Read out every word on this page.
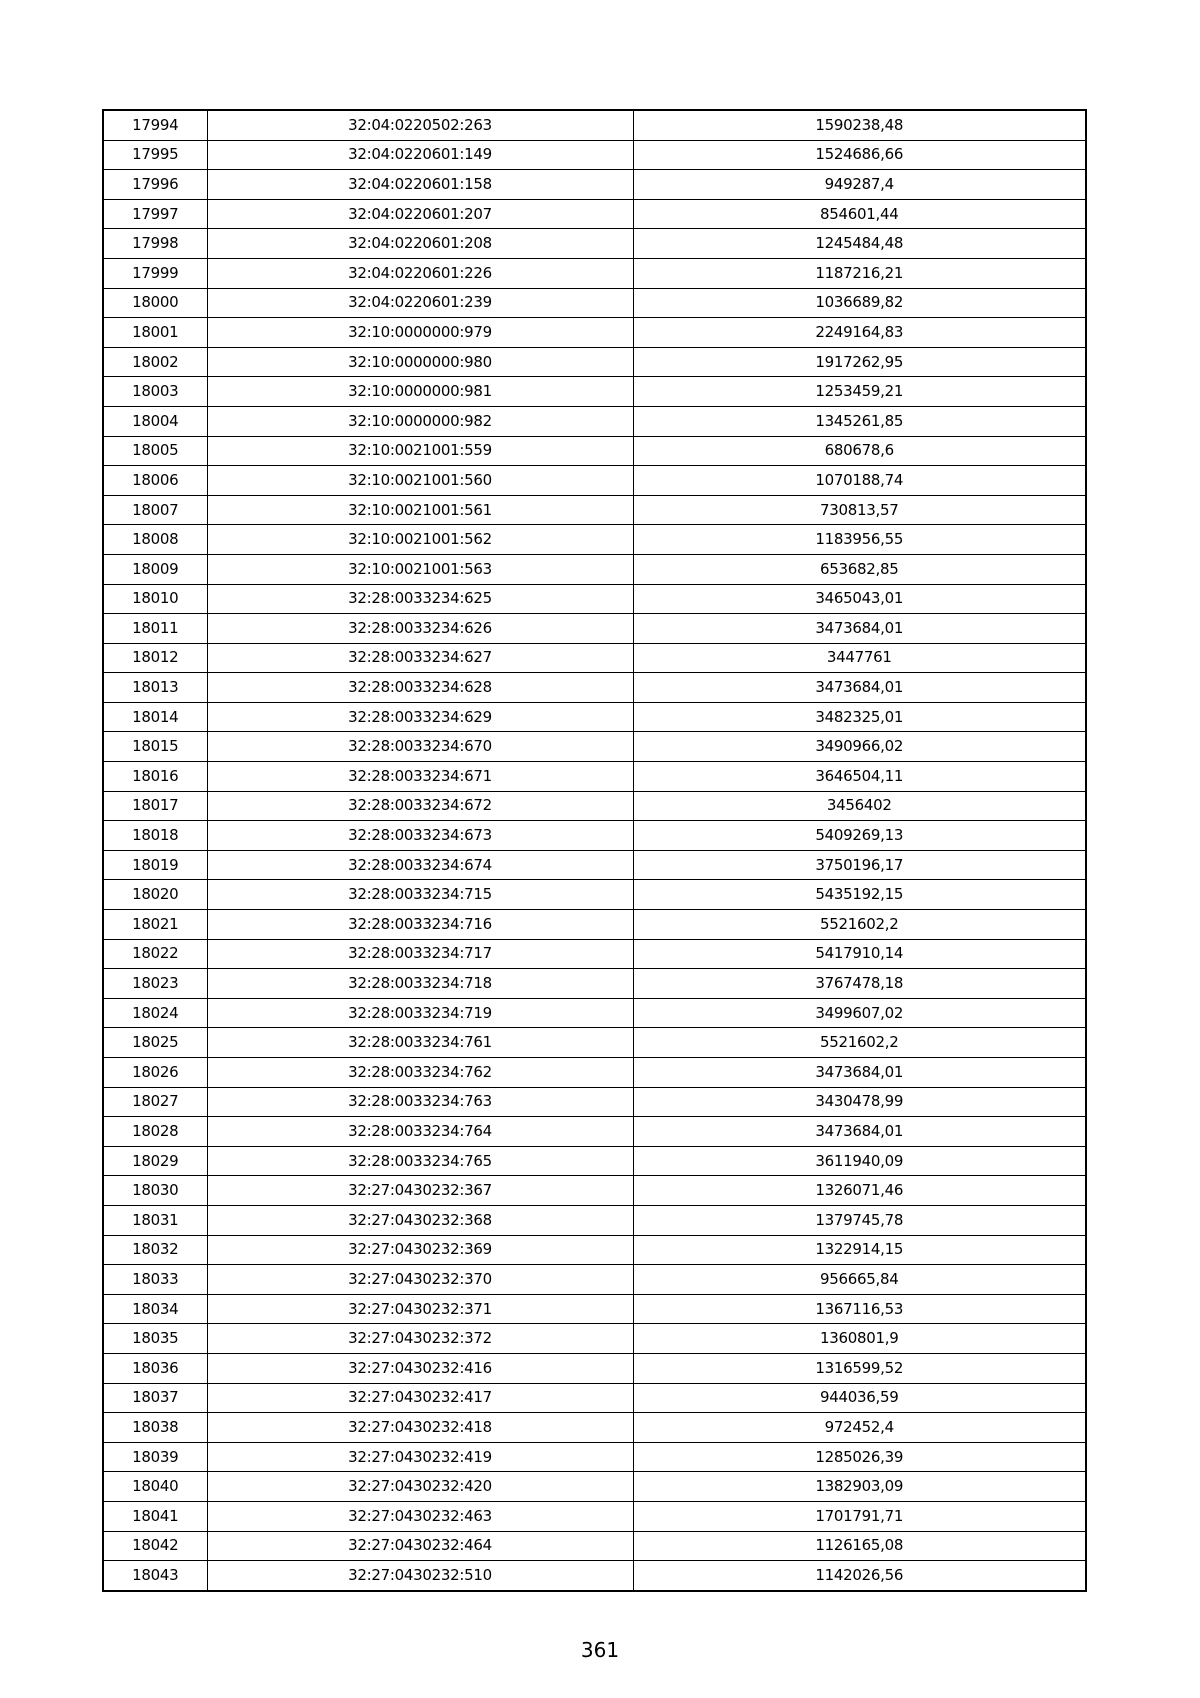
17994	32:04:0220502:263	1590238,48
17995	32:04:0220601:149	1524686,66
17996	32:04:0220601:158	949287,4
17997	32:04:0220601:207	854601,44
17998	32:04:0220601:208	1245484,48
17999	32:04:0220601:226	1187216,21
18000	32:04:0220601:239	1036689,82
18001	32:10:0000000:979	2249164,83
18002	32:10:0000000:980	1917262,95
18003	32:10:0000000:981	1253459,21
18004	32:10:0000000:982	1345261,85
18005	32:10:0021001:559	680678,6
18006	32:10:0021001:560	1070188,74
18007	32:10:0021001:561	730813,57
18008	32:10:0021001:562	1183956,55
18009	32:10:0021001:563	653682,85
18010	32:28:0033234:625	3465043,01
18011	32:28:0033234:626	3473684,01
18012	32:28:0033234:627	3447761
18013	32:28:0033234:628	3473684,01
18014	32:28:0033234:629	3482325,01
18015	32:28:0033234:670	3490966,02
18016	32:28:0033234:671	3646504,11
18017	32:28:0033234:672	3456402
18018	32:28:0033234:673	5409269,13
18019	32:28:0033234:674	3750196,17
18020	32:28:0033234:715	5435192,15
18021	32:28:0033234:716	5521602,2
18022	32:28:0033234:717	5417910,14
18023	32:28:0033234:718	3767478,18
18024	32:28:0033234:719	3499607,02
18025	32:28:0033234:761	5521602,2
18026	32:28:0033234:762	3473684,01
18027	32:28:0033234:763	3430478,99
18028	32:28:0033234:764	3473684,01
18029	32:28:0033234:765	3611940,09
18030	32:27:0430232:367	1326071,46
18031	32:27:0430232:368	1379745,78
18032	32:27:0430232:369	1322914,15
18033	32:27:0430232:370	956665,84
18034	32:27:0430232:371	1367116,53
18035	32:27:0430232:372	1360801,9
18036	32:27:0430232:416	1316599,52
18037	32:27:0430232:417	944036,59
18038	32:27:0430232:418	972452,4
18039	32:27:0430232:419	1285026,39
18040	32:27:0430232:420	1382903,09
18041	32:27:0430232:463	1701791,71
18042	32:27:0430232:464	1126165,08
18043	32:27:0430232:510	1142026,56
361
